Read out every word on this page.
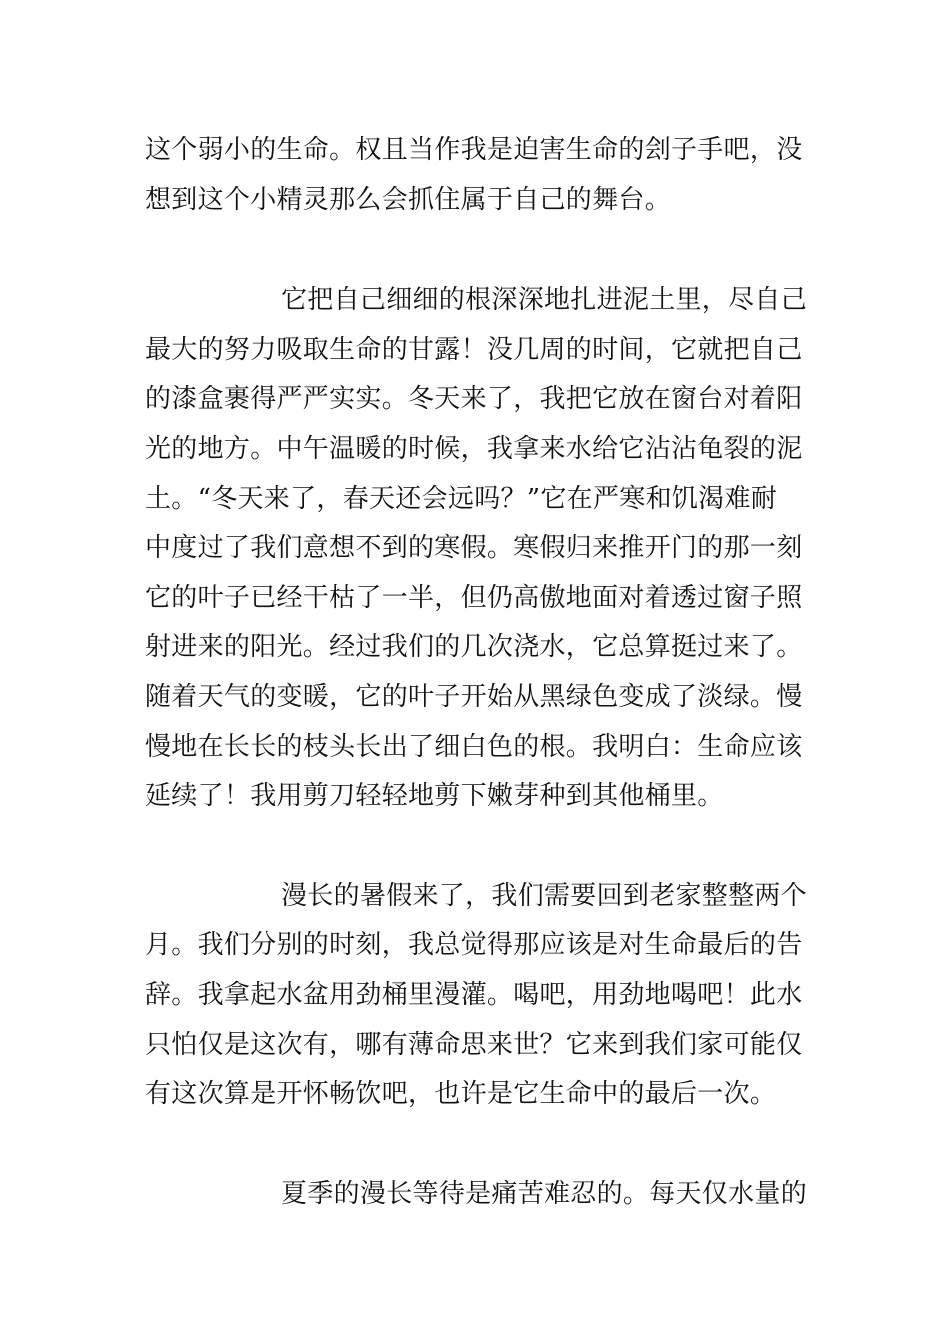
这个弱小的生命。权且当作我是迫害生命的刽子手吧，没
想到这个小精灵那么会抓住属于自己的舞台。
它把自己细细的根深深地扎进泥土里，尽自己
最大的努力吸取生命的甘露！没几周的时间，它就把自己
的漆盒裹得严严实实。冬天来了，我把它放在窗台对着阳
光的地方。中午温暖的时候，我拿来水给它沾沾龟裂的泥
土。“冬天来了，春天还会远吗？”它在严寒和饥渴难耐
中度过了我们意想不到的寒假。寒假归来推开门的那一刻
它的叶子已经干枯了一半，但仍高傲地面对着透过窗子照
射进来的阳光。经过我们的几次浇水，它总算挺过来了。
随着天气的变暖，它的叶子开始从黑绿色变成了淡绿。慢
慢地在长长的枝头长出了细白色的根。我明白：生命应该
延续了！我用剪刀轻轻地剪下嫩芽种到其他桶里。
漫长的暑假来了，我们需要回到老家整整两个
月。我们分别的时刻，我总觉得那应该是对生命最后的告
辞。我拿起水盆用劲桶里漫灌。喝吧，用劲地喝吧！此水
只怕仅是这次有，哪有薄命思来世？它来到我们家可能仅
有这次算是开怀畅饮吧，也许是它生命中的最后一次。
夏季的漫长等待是痛苦难忍的。每天仅水量的
